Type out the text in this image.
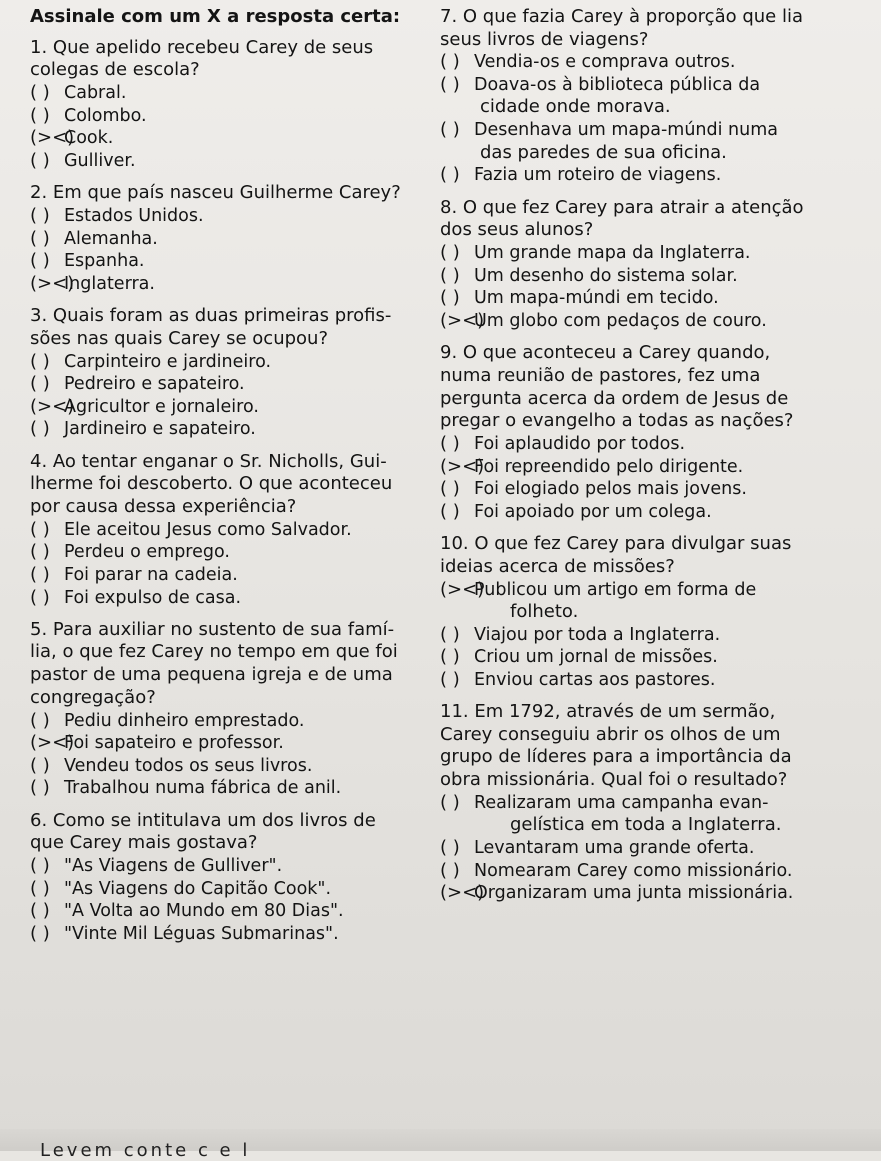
Assinale com um X a resposta certa:
1. Que apelido recebeu Carey de seus
colegas de escola?
( ) Cabral.
( ) Colombo.
(><)
Cook.
( ) Gulliver.
2. Em que país nasceu Guilherme Carey?
( ) Estados Unidos.
( ) Alemanha.
( ) Espanha.
(><)
Inglaterra.
3. Quais foram as duas primeiras profis-
sões nas quais Carey se ocupou?
( ) Carpinteiro e jardineiro.
( ) Pedreiro e sapateiro.
(><)
Agricultor e jornaleiro.
( ) Jardineiro e sapateiro.
4. Ao tentar enganar o Sr. Nicholls, Gui-
lherme foi descoberto. O que aconteceu
por causa dessa experiência?
( ) Ele aceitou Jesus como Salvador.
( ) Perdeu o emprego.
( ) Foi parar na cadeia.
( ) Foi expulso de casa.
5. Para auxiliar no sustento de sua famí-
lia, o que fez Carey no tempo em que foi
pastor de uma pequena igreja e de uma
congregação?
( ) Pediu dinheiro emprestado.
(><)
Foi sapateiro e professor.
( ) Vendeu todos os seus livros.
( ) Trabalhou numa fábrica de anil.
6. Como se intitulava um dos livros de
que Carey mais gostava?
( ) "As Viagens de Gulliver".
( ) "As Viagens do Capitão Cook".
( ) "A Volta ao Mundo em 80 Dias".
( ) "Vinte Mil Léguas Submarinas".
7. O que fazia Carey à proporção que lia
seus livros de viagens?
( ) Vendia-os e comprava outros.
( ) Doava-os à biblioteca pública da
cidade onde morava.
( ) Desenhava um mapa-múndi numa
das paredes de sua oficina.
( ) Fazia um roteiro de viagens.
8. O que fez Carey para atrair a atenção
dos seus alunos?
( ) Um grande mapa da Inglaterra.
( ) Um desenho do sistema solar.
( ) Um mapa-múndi em tecido.
(><)
Um globo com pedaços de couro.
9. O que aconteceu a Carey quando,
numa reunião de pastores, fez uma
pergunta acerca da ordem de Jesus de
pregar o evangelho a todas as nações?
( ) Foi aplaudido por todos.
(><)
Foi repreendido pelo dirigente.
( ) Foi elogiado pelos mais jovens.
( ) Foi apoiado por um colega.
10. O que fez Carey para divulgar suas
ideias acerca de missões?
(><)
Publicou um artigo em forma de
folheto.
( ) Viajou por toda a Inglaterra.
( ) Criou um jornal de missões.
( ) Enviou cartas aos pastores.
11. Em 1792, através de um sermão,
Carey conseguiu abrir os olhos de um
grupo de líderes para a importância da
obra missionária. Qual foi o resultado?
( ) Realizaram uma campanha evan-
gelística em toda a Inglaterra.
( ) Levantaram uma grande oferta.
( ) Nomearam Carey como missionário.
(><)
Organizaram uma junta missionária.
Levem conte c e l
